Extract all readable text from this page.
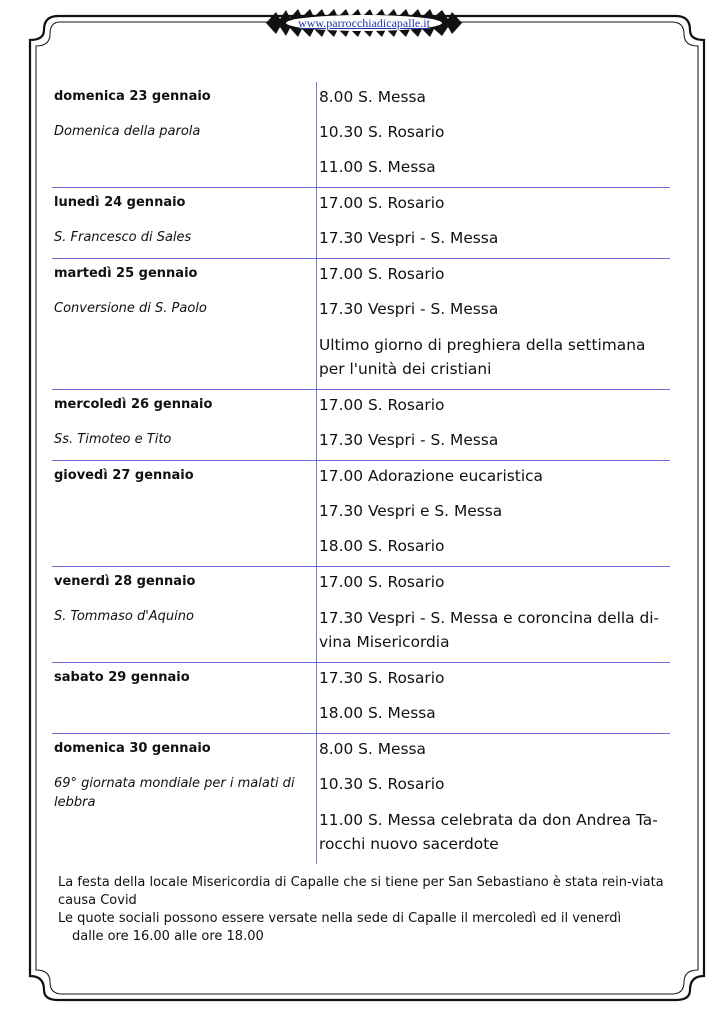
www.parrocchiadicapalle.it
domenica 23 gennaio
Domenica della parola

8.00 S. Messa

10.30 S. Rosario

11.00 S. Messa

lunedì 24 gennaio
S. Francesco di Sales

17.00 S. Rosario

17.30 Vespri - S. Messa

martedì 25 gennaio
Conversione di S. Paolo

17.00 S. Rosario

17.30 Vespri - S. Messa

Ultimo giorno di preghiera della settimana per l'unità dei cristiani

mercoledì 26 gennaio
Ss. Timoteo e Tito

17.00 S. Rosario

17.30 Vespri - S. Messa

giovedì 27 gennaio	17.00 Adorazione eucaristica

17.30 Vespri e S. Messa

18.00 S. Rosario

venerdì 28 gennaio
S. Tommaso d'Aquino

17.00 S. Rosario

17.30 Vespri - S. Messa e coroncina della di-vina Misericordia

sabato 29 gennaio	17.30 S. Rosario

18.00 S. Messa

domenica 30 gennaio
69° giornata mondiale per i malati di lebbra

8.00 S. Messa

10.30 S. Rosario

11.00 S. Messa celebrata da don Andrea Ta-rocchi nuovo sacerdote

La festa della locale Misericordia di Capalle che si tiene per San Sebastiano è stata rein-viata causa Covid

Le quote sociali possono essere versate nella sede di Capalle il mercoledì ed il venerdì

dalle ore 16.00 alle ore 18.00
